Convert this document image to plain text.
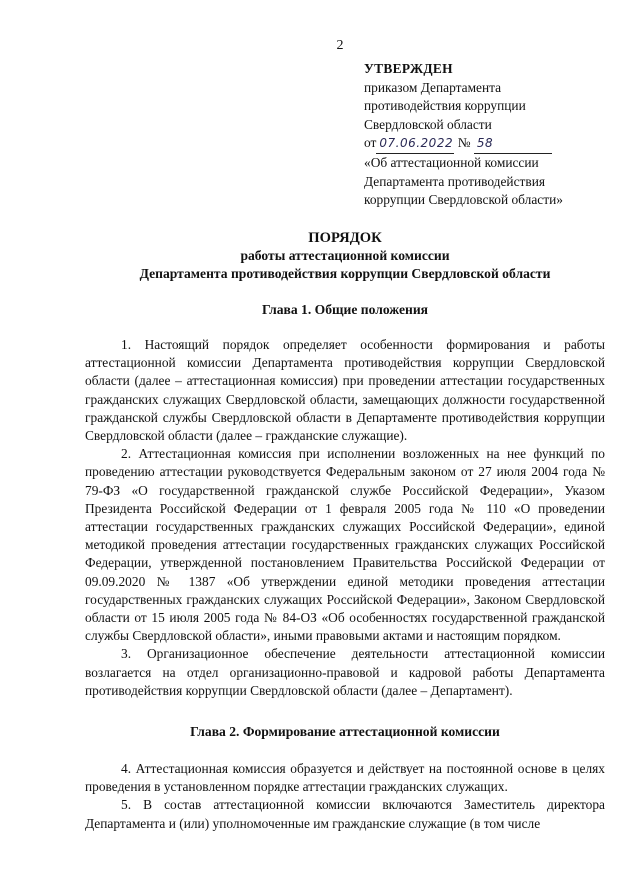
2
УТВЕРЖДЕН
приказом Департамента
противодействия коррупции
Свердловской области
от 07.06.2022 № 58
«Об аттестационной комиссии
Департамента противодействия
коррупции Свердловской области»
ПОРЯДОК
работы аттестационной комиссии
Департамента противодействия коррупции Свердловской области
Глава 1. Общие положения

1. Настоящий порядок определяет особенности формирования и работы аттестационной комиссии Департамента противодействия коррупции Свердловской области (далее – аттестационная комиссия) при проведении аттестации государственных гражданских служащих Свердловской области, замещающих должности государственной гражданской службы Свердловской области в Департаменте противодействия коррупции Свердловской области (далее – гражданские служащие).

2. Аттестационная комиссия при исполнении возложенных на нее функций по проведению аттестации руководствуется Федеральным законом от 27 июля 2004 года № 79-ФЗ «О государственной гражданской службе Российской Федерации», Указом Президента Российской Федерации от 1 февраля 2005 года № 110 «О проведении аттестации государственных гражданских служащих Российской Федерации», единой методикой проведения аттестации государственных гражданских служащих Российской Федерации, утвержденной постановлением Правительства Российской Федерации от 09.09.2020 № 1387 «Об утверждении единой методики проведения аттестации государственных гражданских служащих Российской Федерации», Законом Свердловской области от 15 июля 2005 года № 84-ОЗ «Об особенностях государственной гражданской службы Свердловской области», иными правовыми актами и настоящим порядком.

3. Организационное обеспечение деятельности аттестационной комиссии возлагается на отдел организационно-правовой и кадровой работы Департамента противодействия коррупции Свердловской области (далее – Департамент).

Глава 2. Формирование аттестационной комиссии

4. Аттестационная комиссия образуется и действует на постоянной основе в целях проведения в установленном порядке аттестации гражданских служащих.

5. В состав аттестационной комиссии включаются Заместитель директора Департамента и (или) уполномоченные им гражданские служащие (в том числе
